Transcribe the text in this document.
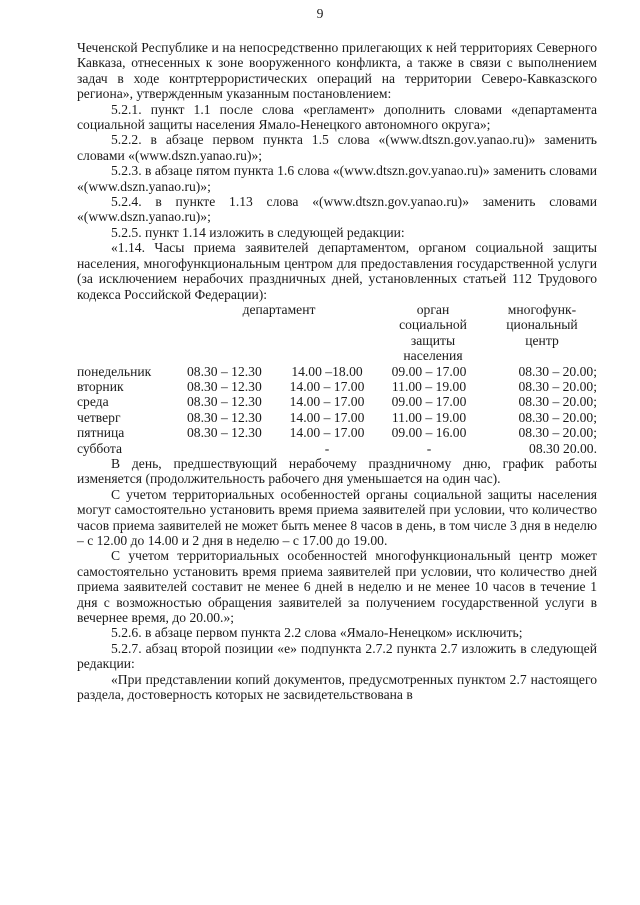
9

Чеченской Республике и на непосредственно прилегающих к ней территориях Северного Кавказа, отнесенных к зоне вооруженного конфликта, а также в связи с выполнением задач в ходе контртеррористических операций на территории Северо-Кавказского региона», утвержденным указанным постановлением:

5.2.1. пункт 1.1 после слова «регламент» дополнить словами «департамента социальной защиты населения Ямало-Ненецкого автономного округа»;

5.2.2. в абзаце первом пункта 1.5 слова «(www.dtszn.gov.yanao.ru)» заменить словами «(www.dszn.yanao.ru)»;

5.2.3. в абзаце пятом пункта 1.6 слова «(www.dtszn.gov.yanao.ru)» заменить словами «(www.dszn.yanao.ru)»;

5.2.4. в пункте 1.13 слова «(www.dtszn.gov.yanao.ru)» заменить словами «(www.dszn.yanao.ru)»;

5.2.5. пункт 1.14 изложить в следующей редакции:

«1.14. Часы приема заявителей департаментом, органом социальной защиты населения, многофункциональным центром для предоставления государственной услуги (за исключением нерабочих праздничных дней, установленных статьей 112 Трудового кодекса Российской Федерации):

	департамент		орган социальной защиты населения	многофунк-циональный центр

понедельник	08.30 – 12.30	14.00 –18.00	09.00 – 17.00	08.30 – 20.00;
вторник	08.30 – 12.30	14.00 – 17.00	11.00 – 19.00	08.30 – 20.00;
среда	08.30 – 12.30	14.00 – 17.00	09.00 – 17.00	08.30 – 20.00;
четверг	08.30 – 12.30	14.00 – 17.00	11.00 – 19.00	08.30 – 20.00;
пятница	08.30 – 12.30	14.00 – 17.00	09.00 – 16.00	08.30 – 20.00;
суббота		-	-	08.30 20.00.

В день, предшествующий нерабочему праздничному дню, график работы изменяется (продолжительность рабочего дня уменьшается на один час).

С учетом территориальных особенностей органы социальной защиты населения могут самостоятельно установить время приема заявителей при условии, что количество часов приема заявителей не может быть менее 8 часов в день, в том числе 3 дня в неделю – с 12.00 до 14.00 и 2 дня в неделю – с 17.00 до 19.00.

С учетом территориальных особенностей многофункциональный центр может самостоятельно установить время приема заявителей при условии, что количество дней приема заявителей составит не менее 6 дней в неделю и не менее 10 часов в течение 1 дня с возможностью обращения заявителей за получением государственной услуги в вечернее время, до 20.00.»;

5.2.6. в абзаце первом пункта 2.2 слова «Ямало-Ненецком» исключить;

5.2.7. абзац второй позиции «е» подпункта 2.7.2 пункта 2.7 изложить в следующей редакции:

«При представлении копий документов, предусмотренных пунктом 2.7 настоящего раздела, достоверность которых не засвидетельствована в
